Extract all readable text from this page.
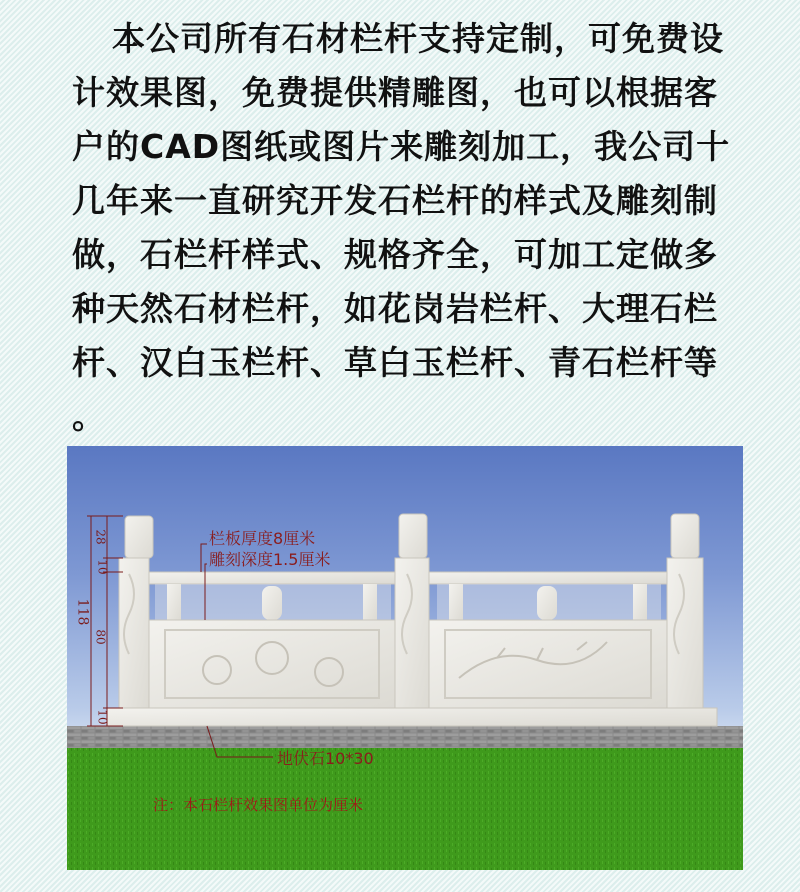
本公司所有石材栏杆支持定制，可免费设
计效果图，免费提供精雕图，也可以根据客
户的CAD图纸或图片来雕刻加工，我公司十
几年来一直研究开发石栏杆的样式及雕刻制
做，石栏杆样式、规格齐全，可加工定做多
种天然石材栏杆，如花岗岩栏杆、大理石栏
杆、汉白玉栏杆、草白玉栏杆、青石栏杆等
。
栏板厚度8厘米
雕刻深度1.5厘米
地伏石10*30
注：本石栏杆效果图单位为厘米
118
28
10
80
10
